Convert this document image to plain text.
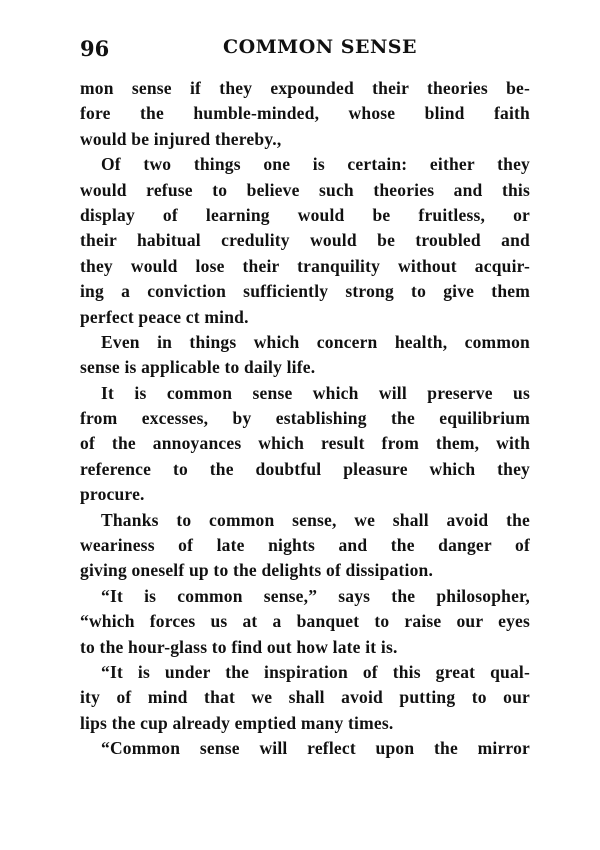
96	COMMON SENSE
mon sense if they expounded their theories be-
fore the humble-minded, whose blind faith
would be injured thereby.,
Of two things one is certain: either they
would refuse to believe such theories and this
display of learning would be fruitless, or
their habitual credulity would be troubled and
they would lose their tranquility without acquir-
ing a conviction sufficiently strong to give them
perfect peace ct mind.
Even in things which concern health, common
sense is applicable to daily life.
It is common sense which will preserve us
from excesses, by establishing the equilibrium
of the annoyances which result from them, with
reference to the doubtful pleasure which they
procure.
Thanks to common sense, we shall avoid the
weariness of late nights and the danger of
giving oneself up to the delights of dissipation.
“It is common sense,” says the philosopher,
“which forces us at a banquet to raise our eyes
to the hour-glass to find out how late it is.
“It is under the inspiration of this great qual-
ity of mind that we shall avoid putting to our
lips the cup already emptied many times.
“Common sense will reflect upon the mirror
